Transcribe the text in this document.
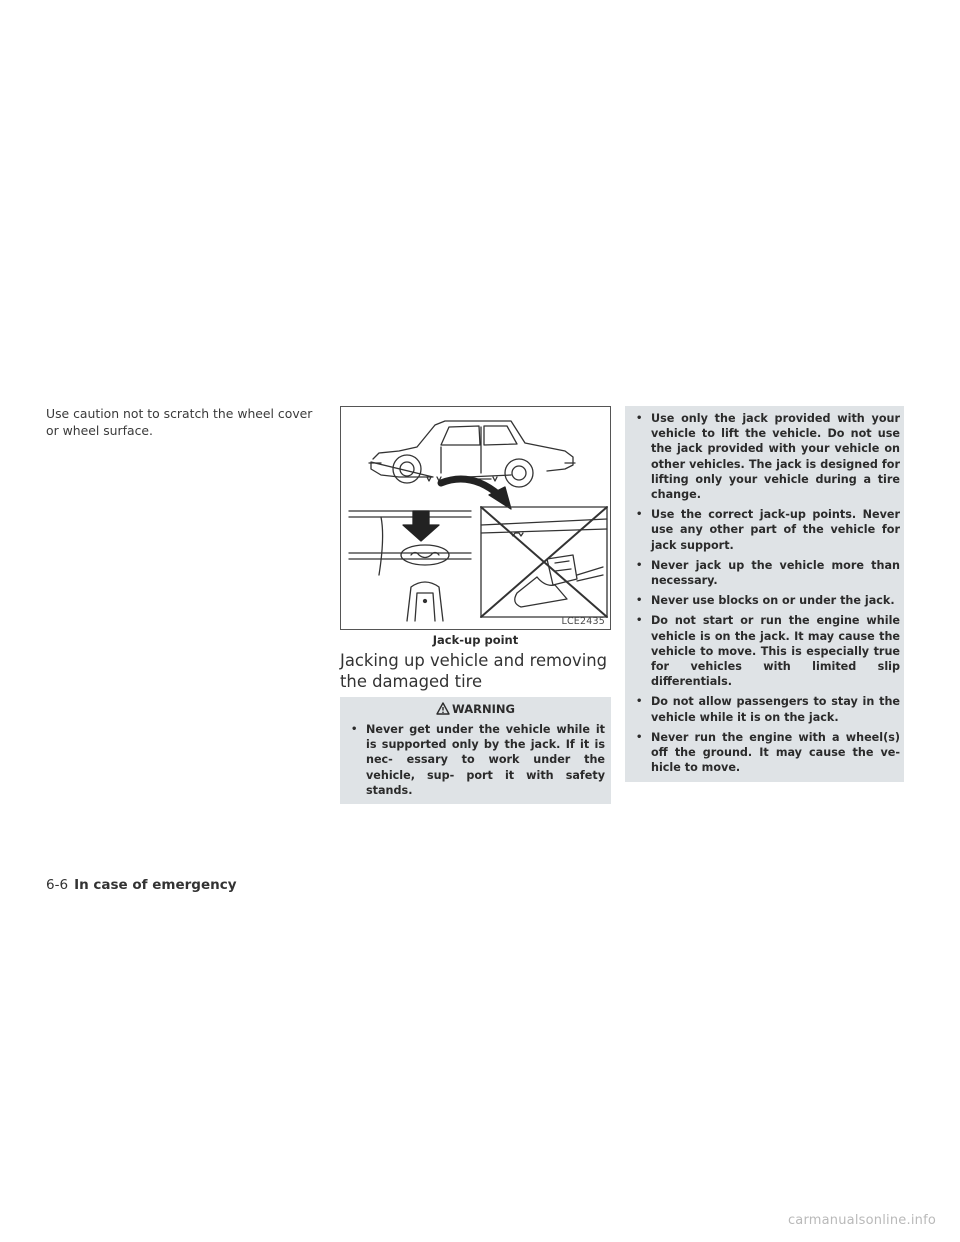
Use caution not to scratch the wheel cover or wheel surface.

LCE2435
Jack-up point
Jacking up vehicle and removing the damaged tire
WARNING
• Never get under the vehicle while it is supported only by the jack. If it is nec- essary to work under the vehicle, sup- port it with safety stands.
• Use only the jack provided with your vehicle to lift the vehicle. Do not use the jack provided with your vehicle on other vehicles. The jack is designed for lifting only your vehicle during a tire change.
• Use the correct jack-up points. Never use any other part of the vehicle for jack support.
• Never jack up the vehicle more than necessary.
• Never use blocks on or under the jack.
• Do not start or run the engine while vehicle is on the jack. It may cause the vehicle to move. This is especially true for vehicles with limited slip differentials.
• Do not allow passengers to stay in the vehicle while it is on the jack.
• Never run the engine with a wheel(s) off the ground. It may cause the ve- hicle to move.
6-6 In case of emergency
carmanualsonline.info
